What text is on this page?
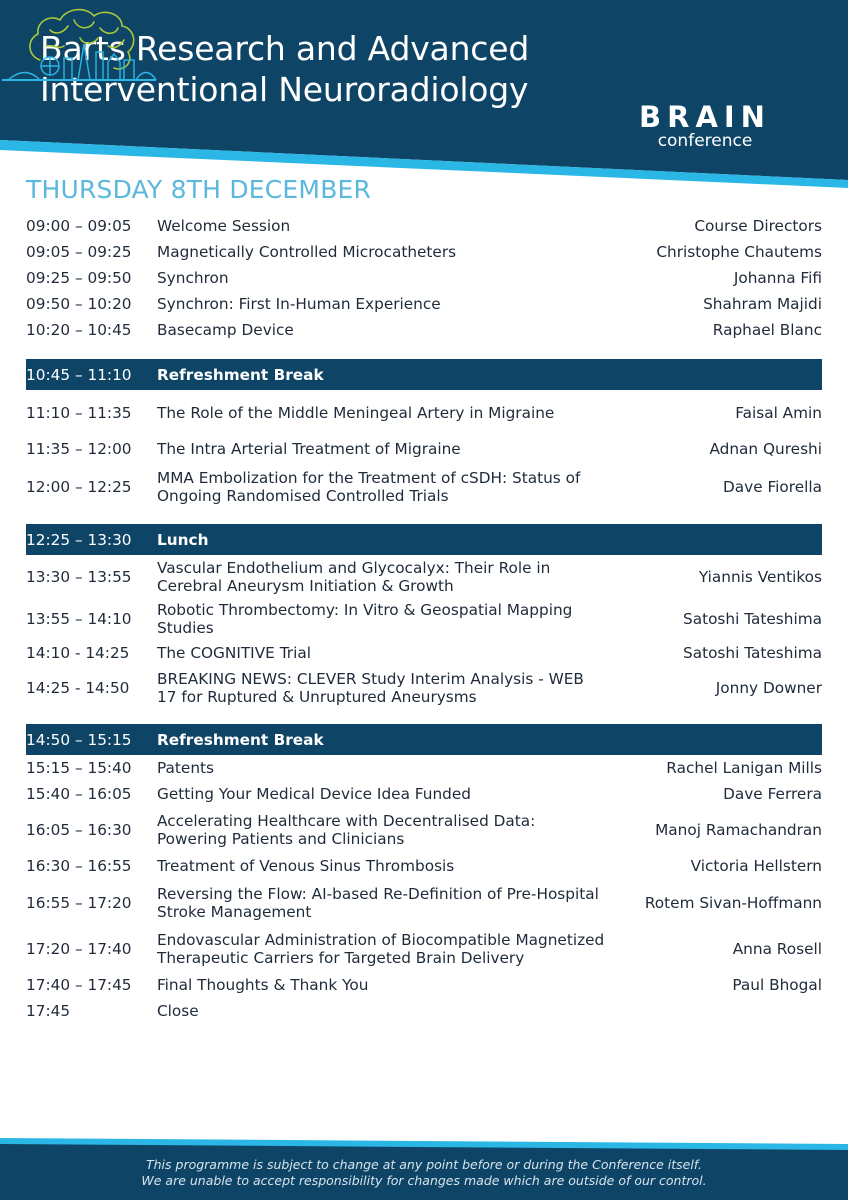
Barts Research and Advanced Interventional Neuroradiology
BRAIN
conference
THURSDAY 8TH DECEMBER
09:00 – 09:05	Welcome Session	Course Directors
09:05 – 09:25	Magnetically Controlled Microcatheters	Christophe Chautems
09:25 – 09:50	Synchron	Johanna Fifi
09:50 – 10:20	Synchron: First In-Human Experience	Shahram Majidi
10:20 – 10:45	Basecamp Device	Raphael Blanc
10:45 – 11:10 Refreshment Break
11:10 – 11:35	The Role of the Middle Meningeal Artery in Migraine	Faisal Amin
11:35 – 12:00	The Intra Arterial Treatment of Migraine	Adnan Qureshi
12:00 – 12:25	MMA Embolization for the Treatment of cSDH: Status of Ongoing Randomised Controlled Trials	Dave Fiorella
12:25 – 13:30 Lunch
13:30 – 13:55	Vascular Endothelium and Glycocalyx: Their Role in Cerebral Aneurysm Initiation & Growth	Yiannis Ventikos
13:55 – 14:10	Robotic Thrombectomy: In Vitro & Geospatial Mapping Studies	Satoshi Tateshima
14:10 - 14:25	The COGNITIVE Trial	Satoshi Tateshima
14:25 - 14:50	BREAKING NEWS: CLEVER Study Interim Analysis - WEB 17 for Ruptured & Unruptured Aneurysms	Jonny Downer
14:50 – 15:15 Refreshment Break
15:15 – 15:40	Patents	Rachel Lanigan Mills
15:40 – 16:05	Getting Your Medical Device Idea Funded	Dave Ferrera
16:05 – 16:30	Accelerating Healthcare with Decentralised Data: Powering Patients and Clinicians	Manoj Ramachandran
16:30 – 16:55	Treatment of Venous Sinus Thrombosis	Victoria Hellstern
16:55 – 17:20	Reversing the Flow: AI-based Re-Definition of Pre-Hospital Stroke Management	Rotem Sivan-Hoffmann
17:20 – 17:40	Endovascular Administration of Biocompatible Magnetized Therapeutic Carriers for Targeted Brain Delivery	Anna Rosell
17:40 – 17:45	Final Thoughts & Thank You	Paul Bhogal
17:45	Close
This programme is subject to change at any point before or during the Conference itself.
We are unable to accept responsibility for changes made which are outside of our control.
